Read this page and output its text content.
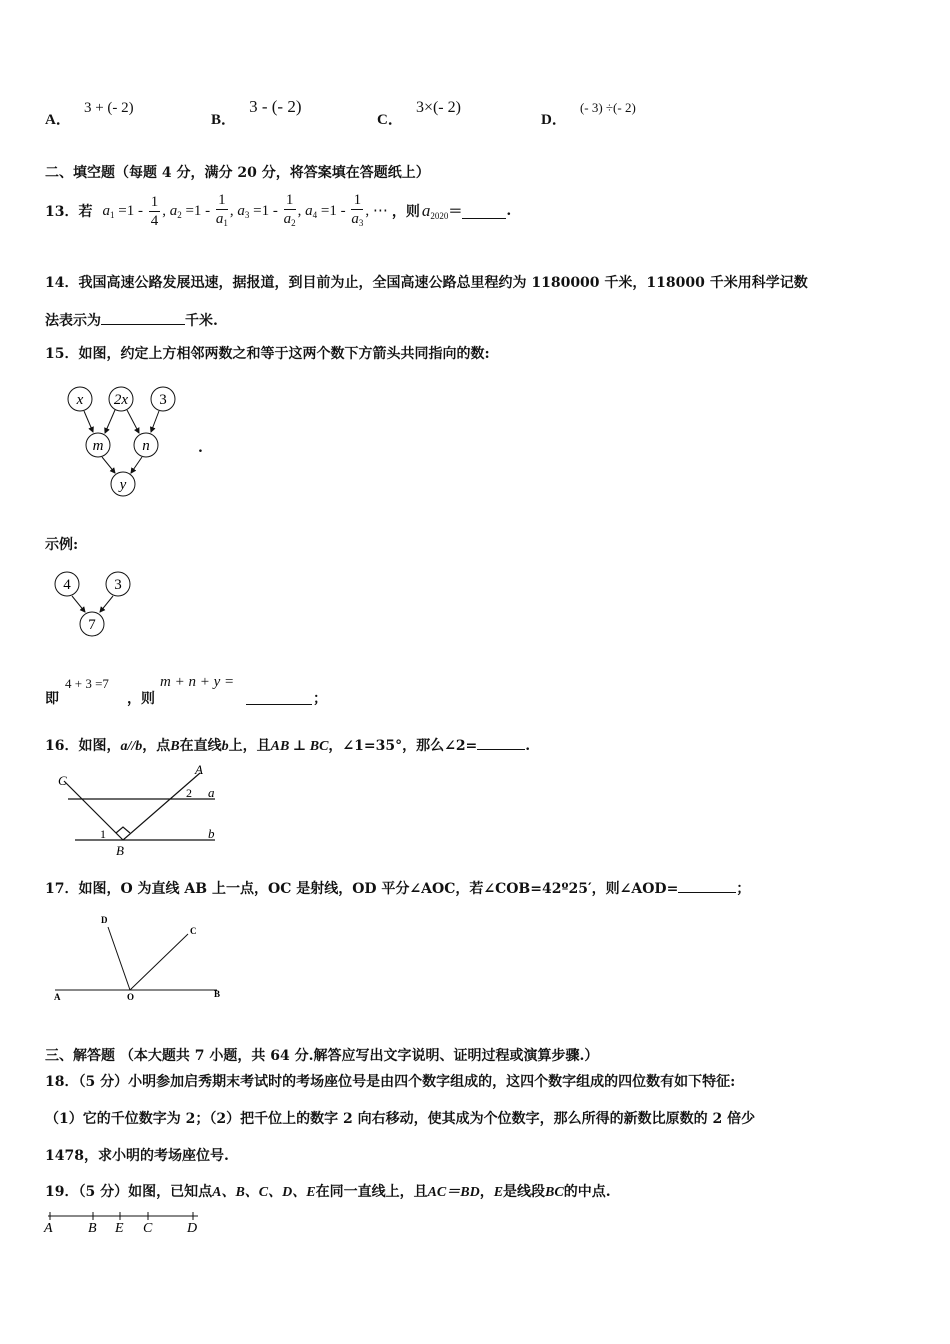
A． 3 + (- 2)
B． 3 - (- 2)
C． 3×(- 2)
D． $^{(- 3) \div(- 2)}$
二、填空题（每题 4 分，满分 20 分，将答案填在答题纸上）
13．若 $a_1 =1 - \frac{1}{4}$ , $a_2 =1 - \frac{1}{a_1}$ , $a_3 =1 - \frac{1}{a_2}$ , $a_4 =1 - \frac{1}{a_3}$ , ⋯ ，则 $a_{2020}$ ＝	.
14．我国高速公路发展迅速，据报道，到目前为止，全国高速公路总里程约为 1180000 千米，118000 千米用科学记数
法表示为	千米.
15．如图，约定上方相邻两数之和等于这两个数下方箭头共同指向的数:
x 2x 3
m	n
y
.
示例:
4	3
7
即
4 + 3 =7
，则
m + n + y =
；
16．如图，a//b，点B在直线b上，且AB ⊥ BC，∠1=35°，那么∠2=	.
C
A
a
b
B
1
2
17．如图，O 为直线 AB 上一点，OC 是射线，OD 平分∠AOC，若∠COB=42º25′，则∠AOD=	；
D
C
A	O	B
三、解答题 （本大题共 7 小题，共 64 分.解答应写出文字说明、证明过程或演算步骤.）
18．（5 分）小明参加启秀期末考试时的考场座位号是由四个数字组成的，这四个数字组成的四位数有如下特征:
（1）它的千位数字为 2；（2）把千位上的数字 2 向右移动，使其成为个位数字，那么所得的新数比原数的 2 倍少
1478，求小明的考场座位号.
19．（5 分）如图，已知点A、B、C、D、E在同一直线上，且AC＝BD，E是线段BC的中点.
A	B E C D
